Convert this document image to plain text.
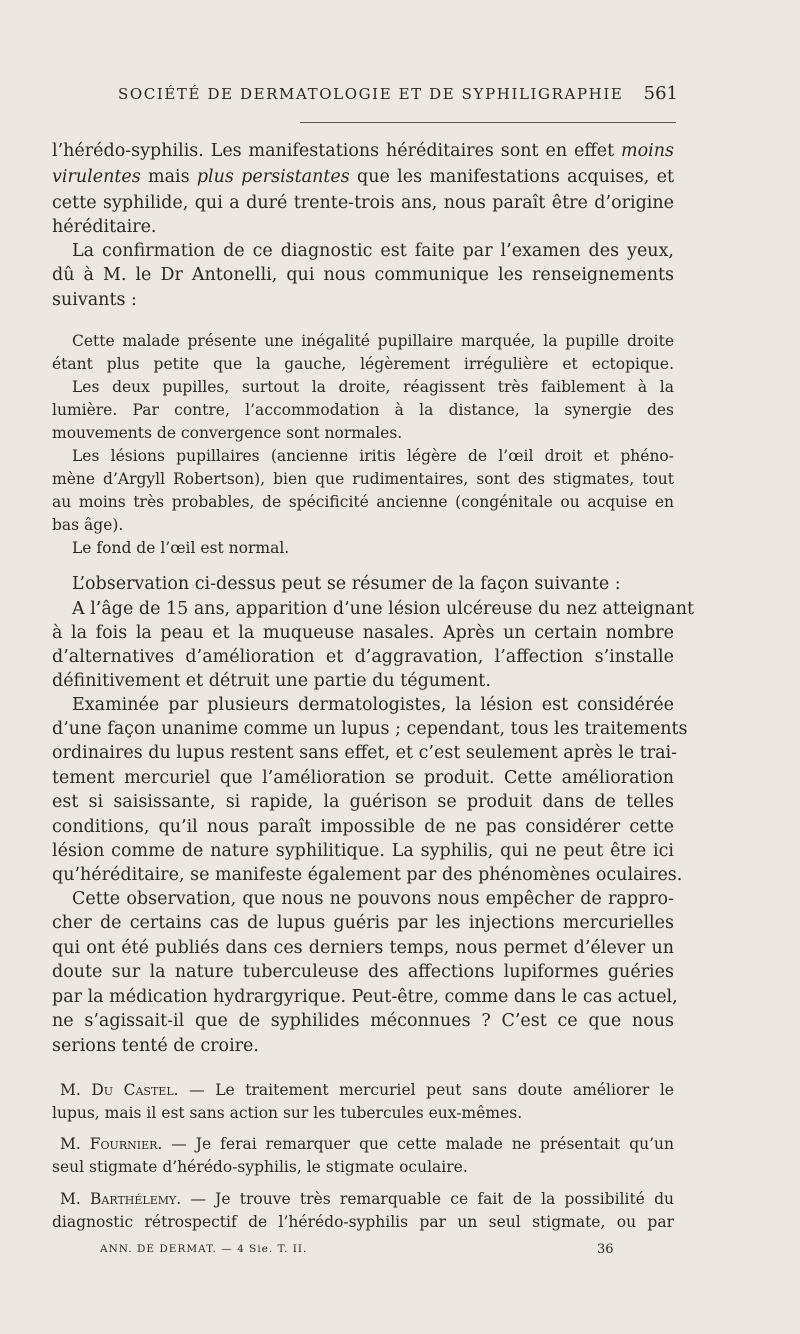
SOCIÉTÉ DE DERMATOLOGIE ET DE SYPHILIGRAPHIE 561
l’hérédo-syphilis. Les manifestations héréditaires sont en effet moins
virulentes mais plus persistantes que les manifestations acquises, et
cette syphilide, qui a duré trente-trois ans, nous paraît être d’origine
héréditaire.
La confirmation de ce diagnostic est faite par l’examen des yeux,
dû à M. le Dr Antonelli, qui nous communique les renseignements
suivants :
Cette malade présente une inégalité pupillaire marquée, la pupille droite
étant plus petite que la gauche, légèrement irrégulière et ectopique.
Les deux pupilles, surtout la droite, réagissent très faiblement à la
lumière. Par contre, l’accommodation à la distance, la synergie des
mouvements de convergence sont normales.
Les lésions pupillaires (ancienne iritis légère de l’œil droit et phéno-
mène d’Argyll Robertson), bien que rudimentaires, sont des stigmates, tout
au moins très probables, de spécificité ancienne (congénitale ou acquise en
bas âge).
Le fond de l’œil est normal.
L’observation ci-dessus peut se résumer de la façon suivante :
A l’âge de 15 ans, apparition d’une lésion ulcéreuse du nez atteignant
à la fois la peau et la muqueuse nasales. Après un certain nombre
d’alternatives d’amélioration et d’aggravation, l’affection s’installe
définitivement et détruit une partie du tégument.
Examinée par plusieurs dermatologistes, la lésion est considérée
d’une façon unanime comme un lupus ; cependant, tous les traitements
ordinaires du lupus restent sans effet, et c’est seulement après le trai-
tement mercuriel que l’amélioration se produit. Cette amélioration
est si saisissante, si rapide, la guérison se produit dans de telles
conditions, qu’il nous paraît impossible de ne pas considérer cette
lésion comme de nature syphilitique. La syphilis, qui ne peut être ici
qu’héréditaire, se manifeste également par des phénomènes oculaires.
Cette observation, que nous ne pouvons nous empêcher de rappro-
cher de certains cas de lupus guéris par les injections mercurielles
qui ont été publiés dans ces derniers temps, nous permet d’élever un
doute sur la nature tuberculeuse des affections lupiformes guéries
par la médication hydrargyrique. Peut-être, comme dans le cas actuel,
ne s’agissait-il que de syphilides méconnues ? C’est ce que nous
serions tenté de croire.
M. Du Castel. — Le traitement mercuriel peut sans doute améliorer le
lupus, mais il est sans action sur les tubercules eux-mêmes.
M. Fournier. — Je ferai remarquer que cette malade ne présentait qu’un
seul stigmate d’hérédo-syphilis, le stigmate oculaire.
M. Barthélemy. — Je trouve très remarquable ce fait de la possibilité du
diagnostic rétrospectif de l’hérédo-syphilis par un seul stigmate, ou par
ANN. DE DERMAT. — 4 Sie. T. II.	36
